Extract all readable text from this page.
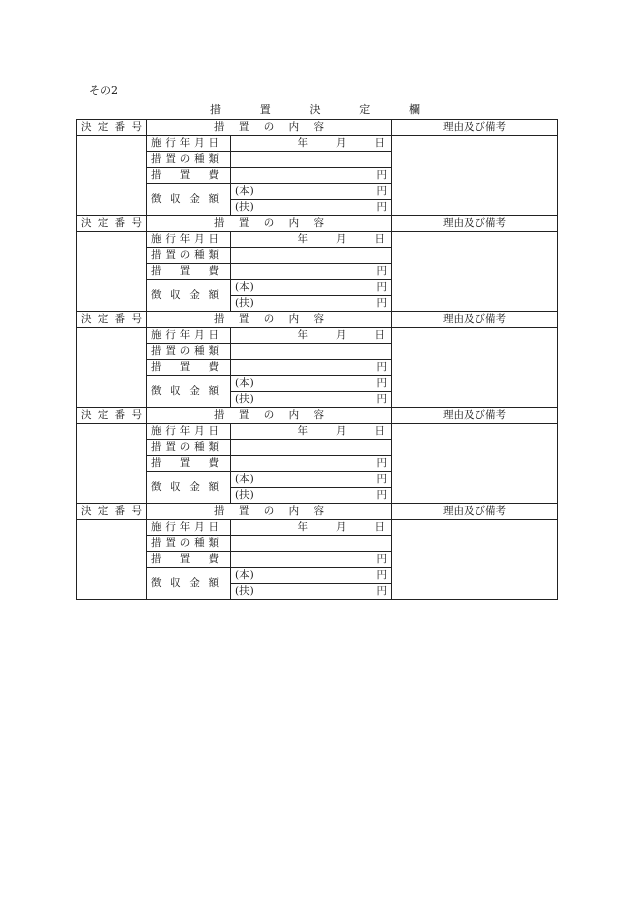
その2
措	置	決	定	欄
決 定 番 号	措 置 の 内 容		理由及び備考

	施 行 年 月 日	年 月 日	

	措 置 の 種 類		

	措 置 費	円	

	徴 収 金 額	(本) 円	

		(扶) 円	

決 定 番 号	措 置 の 内 容		理由及び備考

	施 行 年 月 日	年 月 日	

	措 置 の 種 類		

	措 置 費	円	

	徴 収 金 額	(本) 円	

		(扶) 円	

決 定 番 号	措 置 の 内 容		理由及び備考

	施 行 年 月 日	年 月 日	

	措 置 の 種 類		

	措 置 費	円	

	徴 収 金 額	(本) 円	

		(扶) 円	

決 定 番 号	措 置 の 内 容		理由及び備考

	施 行 年 月 日	年 月 日	

	措 置 の 種 類		

	措 置 費	円	

	徴 収 金 額	(本) 円	

		(扶) 円	

決 定 番 号	措 置 の 内 容		理由及び備考

	施 行 年 月 日	年 月 日	

	措 置 の 種 類		

	措 置 費	円	

	徴 収 金 額	(本) 円	

		(扶) 円	
